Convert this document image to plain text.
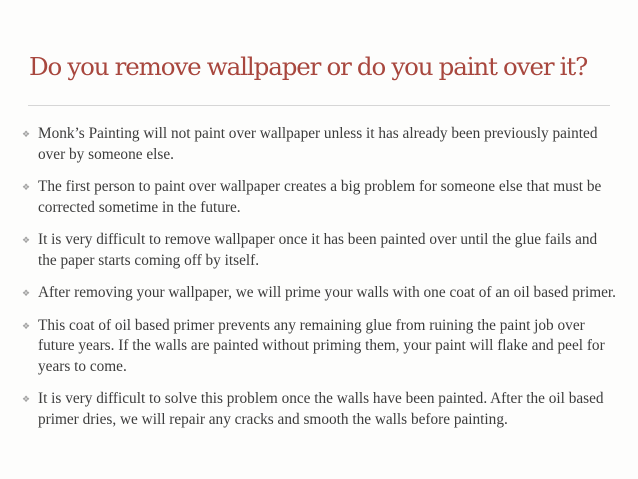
Do you remove wallpaper or do you paint over it?
❖ Monk’s Painting will not paint over wallpaper unless it has already been previously painted over by someone else.
❖ The first person to paint over wallpaper creates a big problem for someone else that must be corrected sometime in the future.
❖ It is very difficult to remove wallpaper once it has been painted over until the glue fails and the paper starts coming off by itself.
❖ After removing your wallpaper, we will prime your walls with one coat of an oil based primer.
❖ This coat of oil based primer prevents any remaining glue from ruining the paint job over future years. If the walls are painted without priming them, your paint will flake and peel for years to come.
❖ It is very difficult to solve this problem once the walls have been painted. After the oil based primer dries, we will repair any cracks and smooth the walls before painting.
